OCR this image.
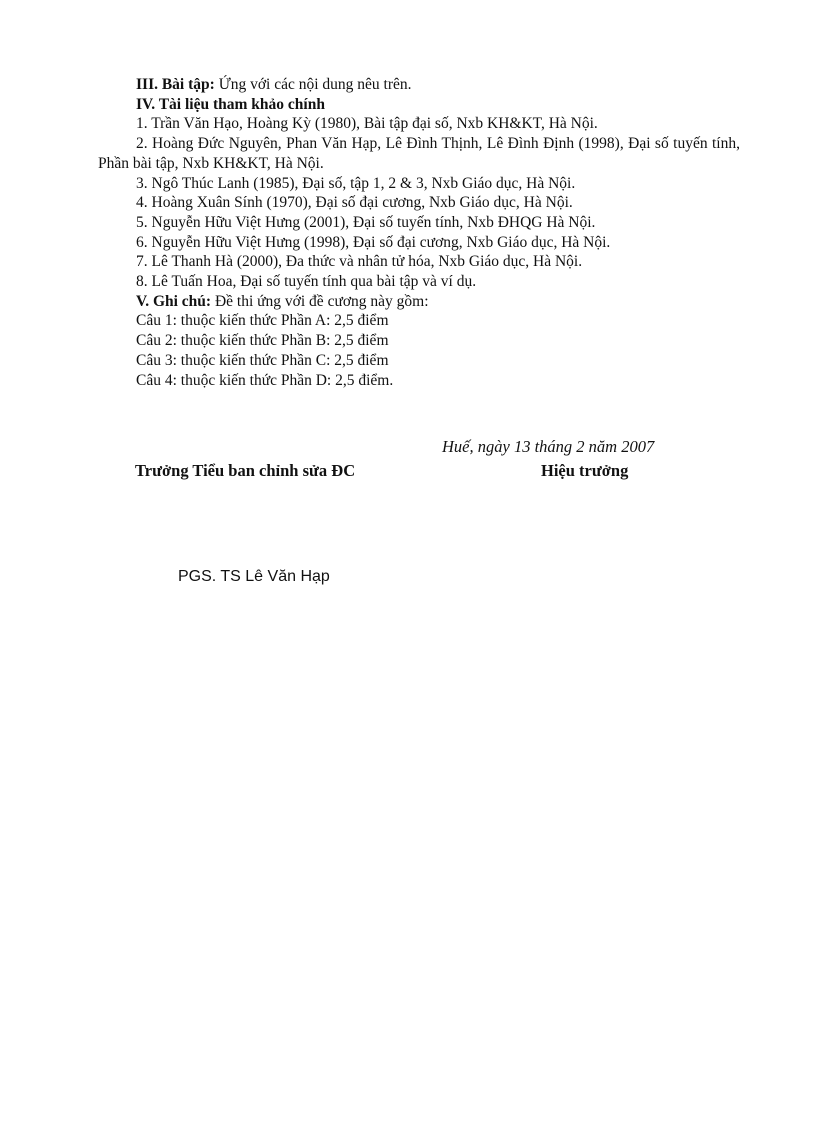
III. Bài tập: Ứng với các nội dung nêu trên.
IV. Tài liệu tham khảo chính
1. Trần Văn Hạo, Hoàng Kỳ (1980), Bài tập đại số, Nxb KH&KT, Hà Nội.
2. Hoàng Đức Nguyên, Phan Văn Hạp, Lê Đình Thịnh, Lê Đình Định (1998), Đại số tuyến tính, Phần bài tập, Nxb KH&KT, Hà Nội.
3. Ngô Thúc Lanh (1985), Đại số, tập 1, 2 & 3, Nxb Giáo dục, Hà Nội.
4. Hoàng Xuân Sính (1970), Đại số đại cương, Nxb Giáo dục, Hà Nội.
5. Nguyễn Hữu Việt Hưng (2001), Đại số tuyến tính, Nxb ĐHQG Hà Nội.
6. Nguyễn Hữu Việt Hưng (1998), Đại số đại cương, Nxb Giáo dục, Hà Nội.
7. Lê Thanh Hà (2000), Đa thức và nhân tử hóa, Nxb Giáo dục, Hà Nội.
8. Lê Tuấn Hoa, Đại số tuyến tính qua bài tập và ví dụ.
V. Ghi chú: Đề thi ứng với đề cương này gồm:
Câu 1: thuộc kiến thức Phần A: 2,5 điểm
Câu 2: thuộc kiến thức Phần B: 2,5 điểm
Câu 3: thuộc kiến thức Phần C: 2,5 điểm
Câu 4: thuộc kiến thức Phần D: 2,5 điểm.
Huế, ngày 13 tháng 2 năm 2007
Trưởng Tiểu ban chỉnh sửa ĐC	Hiệu trưởng
PGS. TS Lê Văn Hạp
